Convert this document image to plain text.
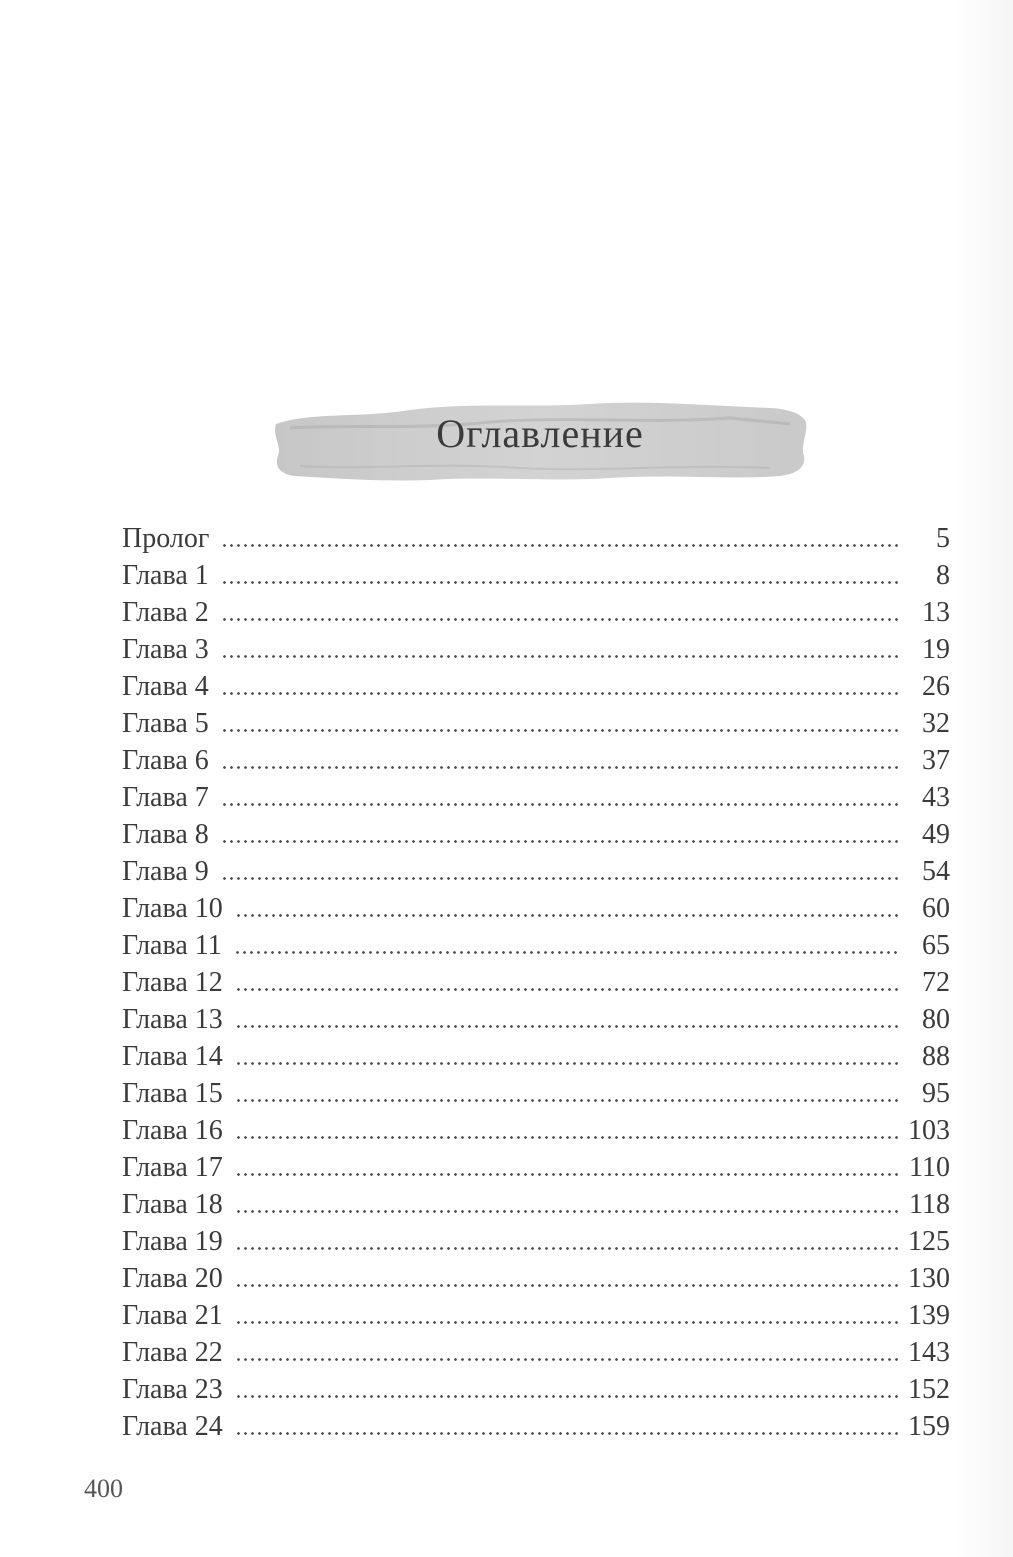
Оглавление
Пролог	5
Глава 1	8
Глава 2	13
Глава 3	19
Глава 4	26
Глава 5	32
Глава 6	37
Глава 7	43
Глава 8	49
Глава 9	54
Глава 10	60
Глава 11	65
Глава 12	72
Глава 13	80
Глава 14	88
Глава 15	95
Глава 16	103
Глава 17	110
Глава 18	118
Глава 19	125
Глава 20	130
Глава 21	139
Глава 22	143
Глава 23	152
Глава 24	159
400
